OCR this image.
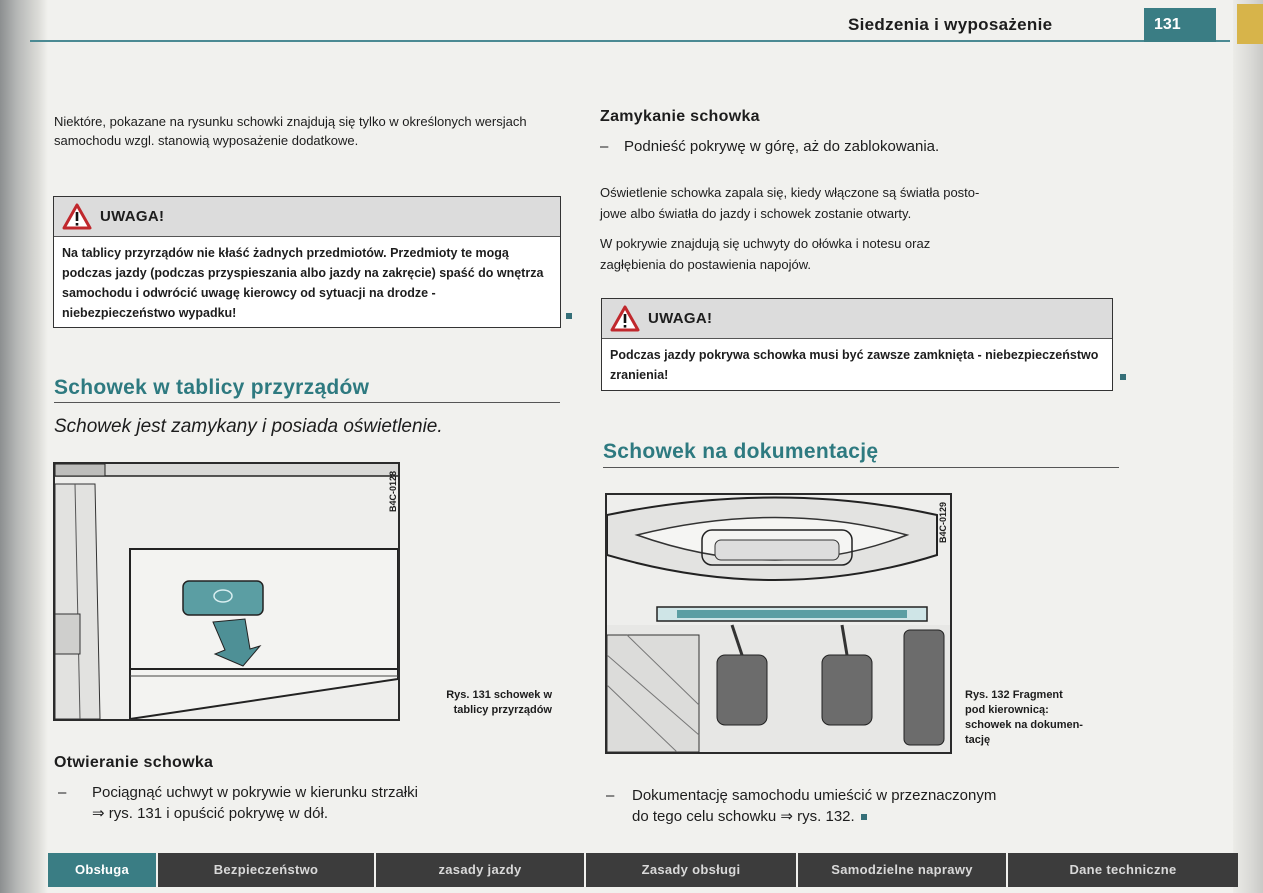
Siedzenia i wyposażenie	131
Niektóre, pokazane na rysunku schowki znajdują się tylko w określonych wersjach samochodu wzgl. stanowią wyposażenie dodatkowe.
UWAGA!
Na tablicy przyrządów nie kłaść żadnych przedmiotów. Przedmioty te mogą podczas jazdy (podczas przyspieszania albo jazdy na zakręcie) spaść do wnętrza samochodu i odwrócić uwagę kierowcy od sytuacji na drodze - niebezpieczeństwo wypadku!
Schowek w tablicy przyrządów
Schowek jest zamykany i posiada oświetlenie.
B4C-0128
Rys. 131 schowek w
tablicy przyrządów
Otwieranie schowka
–	Pociągnąć uchwyt w pokrywie w kierunku strzałki
⇒ rys. 131 i opuścić pokrywę w dół.
Zamykanie schowka
–	Podnieść pokrywę w górę, aż do zablokowania.
Oświetlenie schowka zapala się, kiedy włączone są światła posto-
jowe albo światła do jazdy i schowek zostanie otwarty.
W pokrywie znajdują się uchwyty do ołówka i notesu oraz
zagłębienia do postawienia napojów.
UWAGA!
Podczas jazdy pokrywa schowka musi być zawsze zamknięta - niebezpieczeństwo zranienia!
Schowek na dokumentację
B4C-0129
Rys. 132 Fragment
pod kierownicą:
schowek na dokumen-
tację
–	Dokumentację samochodu umieścić w przeznaczonym
do tego celu schowku ⇒ rys. 132.
Obsługa	Bezpieczeństwo	zasady jazdy	Zasady obsługi	Samodzielne naprawy	Dane techniczne
